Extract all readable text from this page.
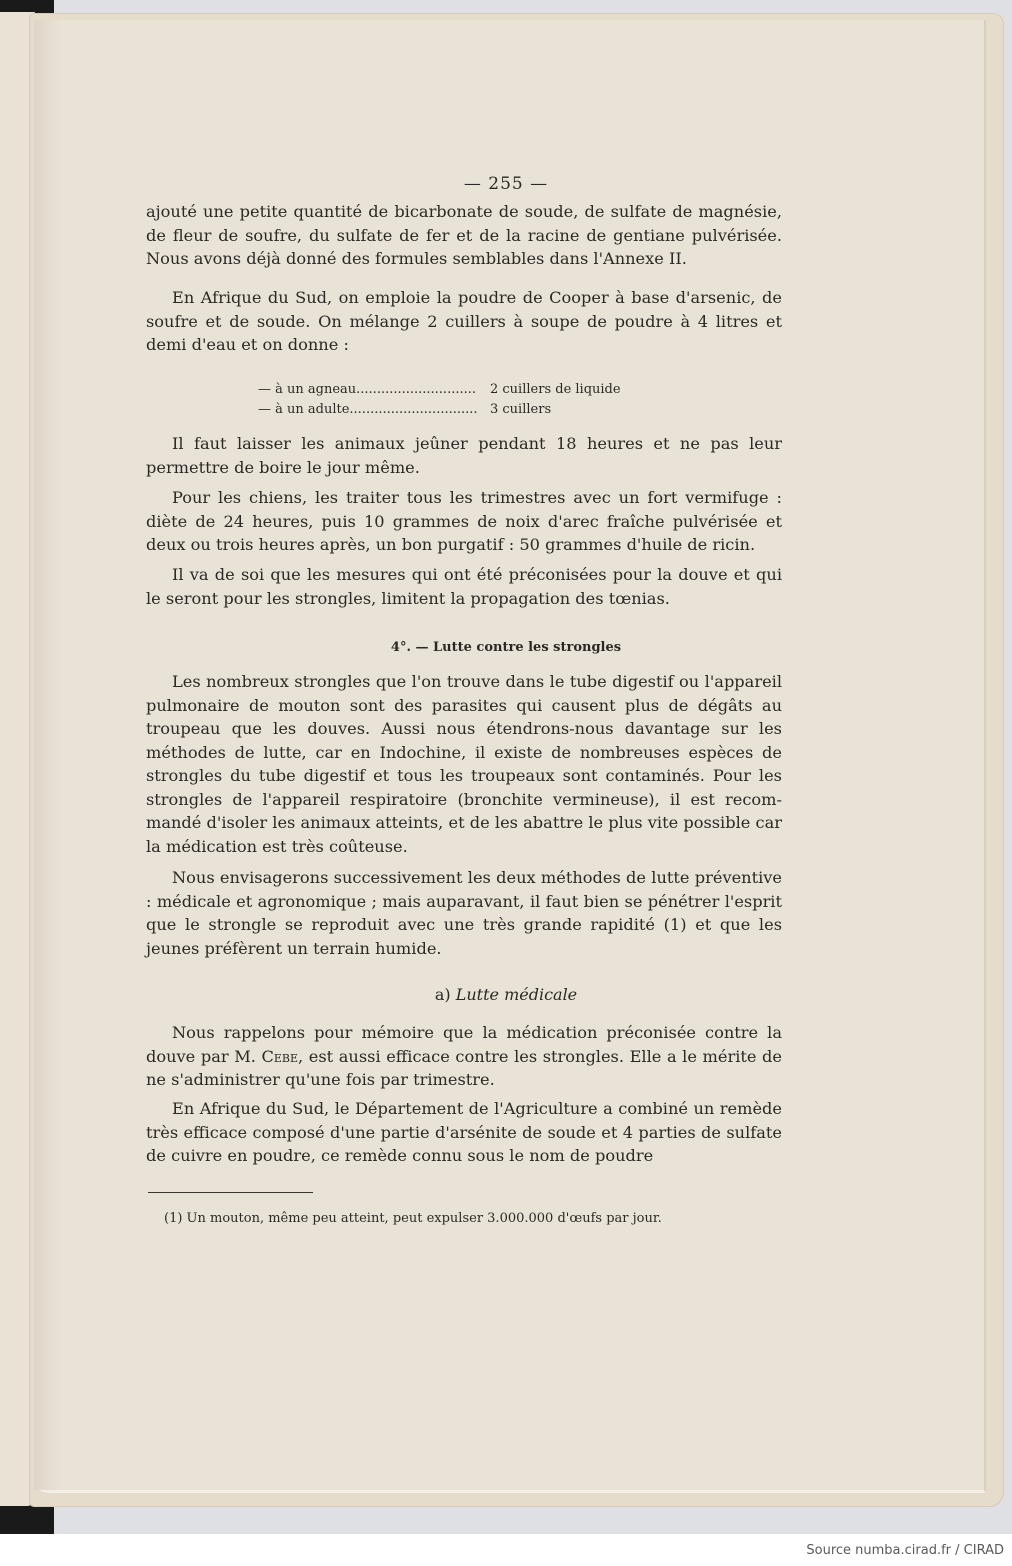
— 255 —

ajouté une petite quantité de bicarbonate de soude, de sulfate de magnésie, de fleur de soufre, du sulfate de fer et de la racine de gentiane pulvérisée. Nous avons déjà donné des formules semblables dans l'Annexe II.

En Afrique du Sud, on emploie la poudre de Cooper à base d'arsenic, de soufre et de soude. On mélange 2 cuillers à soupe de poudre à 4 litres et demi d'eau et on donne :

— à un agneau.............................	2 cuillers de liquide
— à un adulte............................... 3 cuillers

Il faut laisser les animaux jeûner pendant 18 heures et ne pas leur permettre de boire le jour même.

Pour les chiens, les traiter tous les trimestres avec un fort vermifuge : diète de 24 heures, puis 10 grammes de noix d'arec fraîche pulvérisée et deux ou trois heures après, un bon purgatif : 50 grammes d'huile de ricin.

Il va de soi que les mesures qui ont été préconisées pour la douve et qui le seront pour les strongles, limitent la propagation des tœnias.

4°. — Lutte contre les strongles

Les nombreux strongles que l'on trouve dans le tube digestif ou l'appareil pulmonaire de mouton sont des parasites qui causent plus de dégâts au troupeau que les douves. Aussi nous étendrons-nous davantage sur les méthodes de lutte, car en Indochine, il existe de nombreuses espèces de strongles du tube digestif et tous les troupeaux sont contaminés. Pour les strongles de l'appareil respiratoire (bronchite vermineuse), il est recommandé d'isoler les animaux atteints, et de les abattre le plus vite possible car la médication est très coûteuse.

Nous envisagerons successivement les deux méthodes de lutte préventive : médicale et agronomique ; mais auparavant, il faut bien se pénétrer l'esprit que le strongle se reproduit avec une très grande rapidité (1) et que les jeunes préfèrent un terrain humide.

a) Lutte médicale

Nous rappelons pour mémoire que la médication préconisée contre la douve par M. Cebe, est aussi efficace contre les strongles. Elle a le mérite de ne s'administrer qu'une fois par trimestre.

En Afrique du Sud, le Département de l'Agriculture a combiné un remède très efficace composé d'une partie d'arsénite de soude et 4 parties de sulfate de cuivre en poudre, ce remède connu sous le nom de poudre

(1) Un mouton, même peu atteint, peut expulser 3.000.000 d'œufs par jour.
Source numba.cirad.fr / CIRAD
